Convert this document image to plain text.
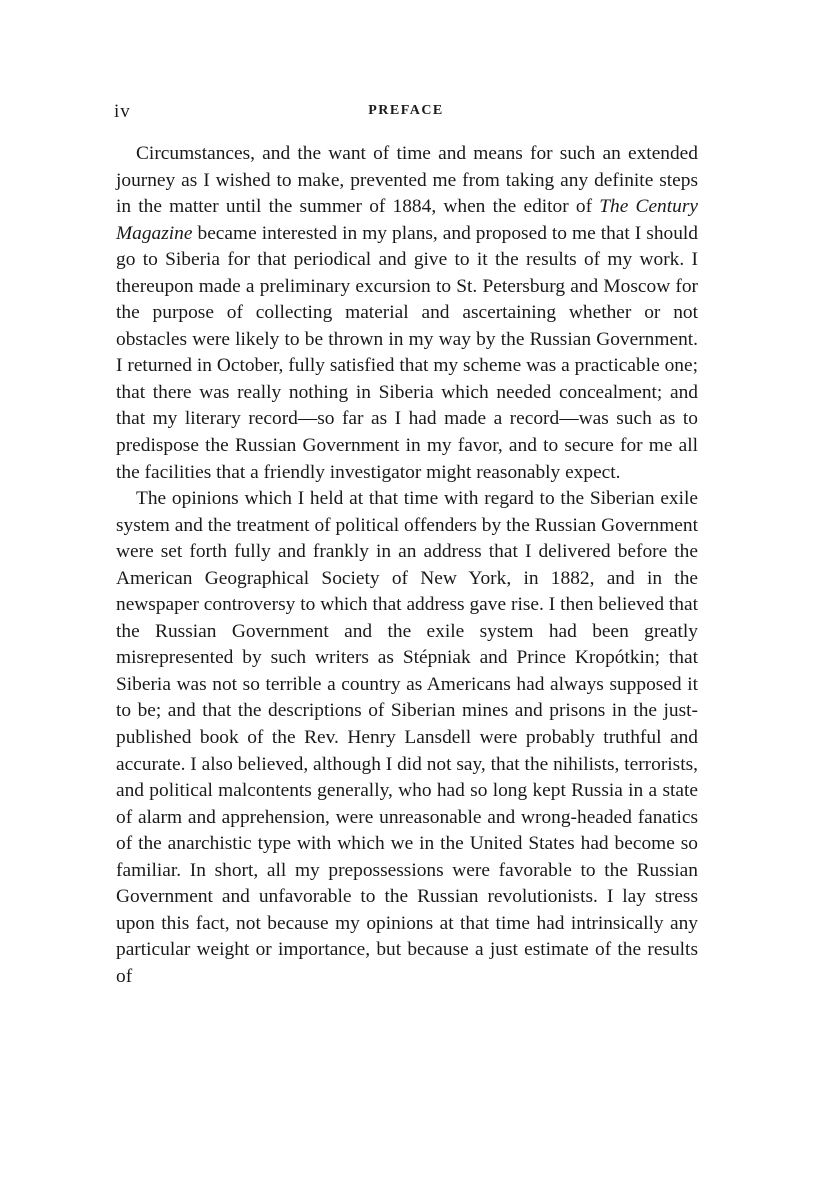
iv	PREFACE

Circumstances, and the want of time and means for such an extended journey as I wished to make, prevented me from taking any definite steps in the matter until the summer of 1884, when the editor of The Century Magazine became interested in my plans, and proposed to me that I should go to Siberia for that periodical and give to it the results of my work. I thereupon made a preliminary excursion to St. Petersburg and Moscow for the purpose of collecting material and ascertaining whether or not obstacles were likely to be thrown in my way by the Russian Government. I returned in October, fully satisfied that my scheme was a practicable one; that there was really nothing in Siberia which needed concealment; and that my literary record—so far as I had made a record—was such as to predispose the Russian Government in my favor, and to secure for me all the facilities that a friendly investigator might reasonably expect.

The opinions which I held at that time with regard to the Siberian exile system and the treatment of political offenders by the Russian Government were set forth fully and frankly in an address that I delivered before the American Geographical Society of New York, in 1882, and in the newspaper controversy to which that address gave rise. I then believed that the Russian Government and the exile system had been greatly misrepresented by such writers as Stépniak and Prince Kropótkin; that Siberia was not so terrible a country as Americans had always supposed it to be; and that the descriptions of Siberian mines and prisons in the just-published book of the Rev. Henry Lansdell were probably truthful and accurate. I also believed, although I did not say, that the nihilists, terrorists, and political malcontents generally, who had so long kept Russia in a state of alarm and apprehension, were unreasonable and wrong-headed fanatics of the anarchistic type with which we in the United States had become so familiar. In short, all my prepossessions were favorable to the Russian Government and unfavorable to the Russian revolutionists. I lay stress upon this fact, not because my opinions at that time had intrinsically any particular weight or importance, but because a just estimate of the results of
